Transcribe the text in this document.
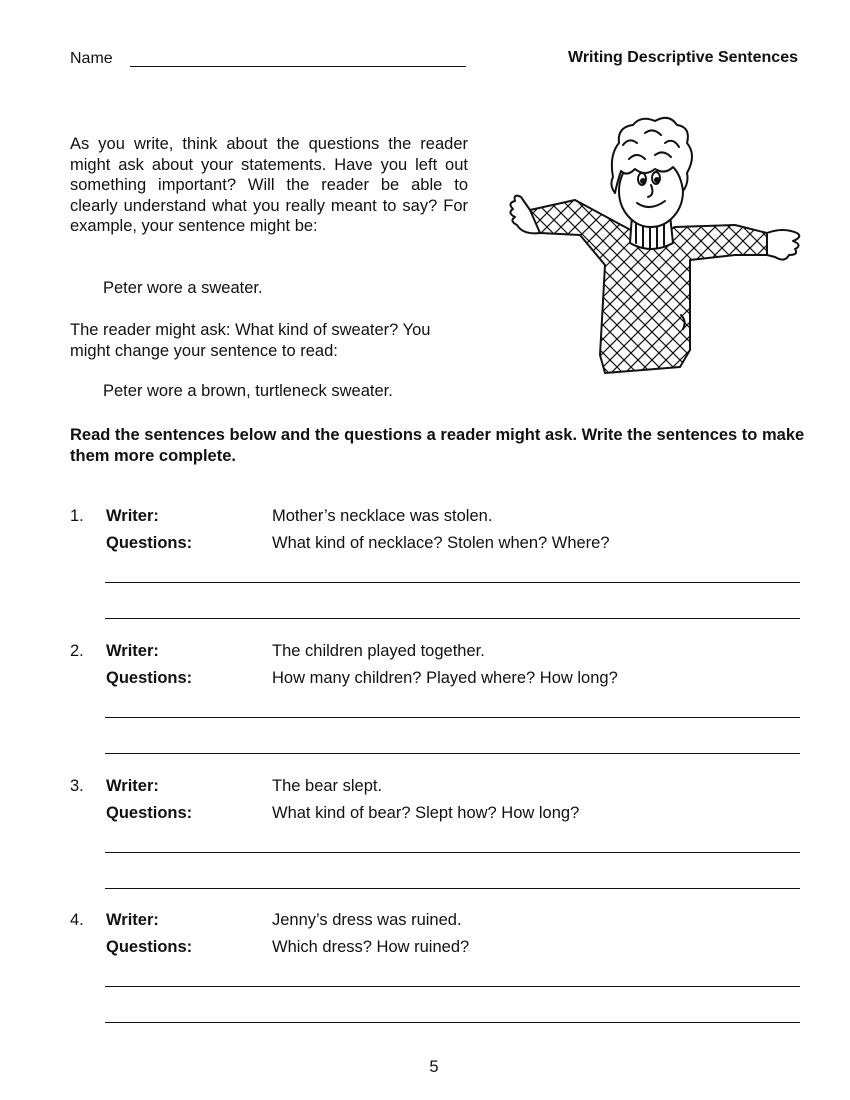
Name	Writing Descriptive Sentences
As you write, think about the questions the reader might ask about your statements. Have you left out something important? Will the reader be able to clearly understand what you really meant to say? For example, your sentence might be:
Peter wore a sweater.
The reader might ask: What kind of sweater? You might change your sentence to read:
Peter wore a brown, turtleneck sweater.
Read the sentences below and the questions a reader might ask. Write the sentences to make them more complete.
1. Writer:	Mother’s necklace was stolen.
Questions:	What kind of necklace? Stolen when? Where?
2. Writer:	The children played together.
Questions:	How many children? Played where? How long?
3. Writer:	The bear slept.
Questions:	What kind of bear? Slept how? How long?
4. Writer:	Jenny’s dress was ruined.
Questions:	Which dress? How ruined?
5
